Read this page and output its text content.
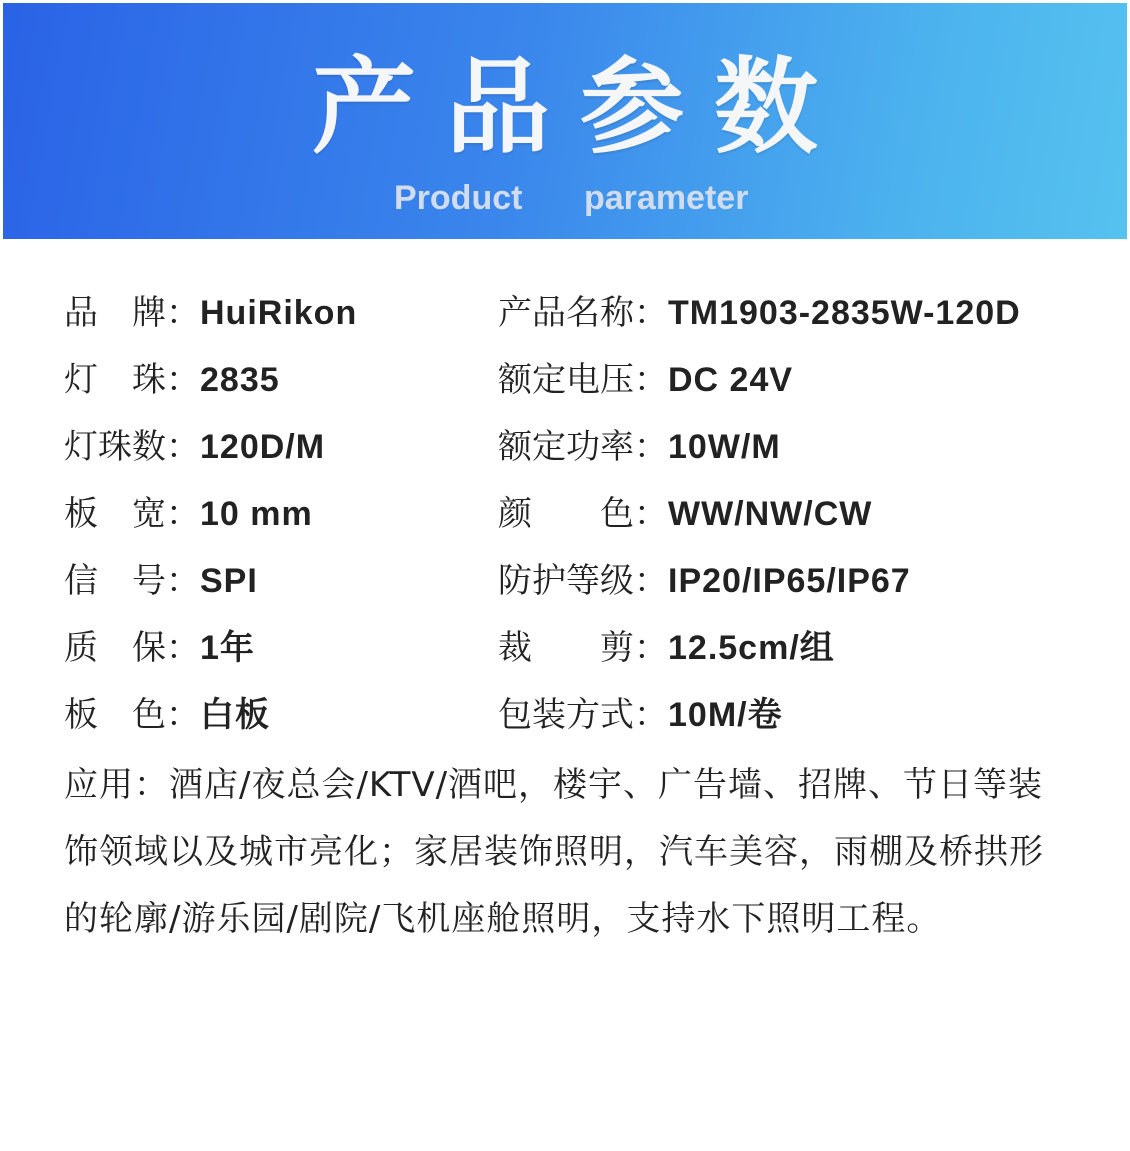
产品参数
Product parameter
品　牌：HuiRikon	产品名称：TM1903-2835W-120D
灯　珠：2835	额定电压：DC 24V
灯珠数：120D/M	额定功率：10W/M
板　宽：10 mm	颜　　色：WW/NW/CW
信　号：SPI	防护等级：IP20/IP65/IP67
质　保：1年	裁　　剪：12.5cm/组
板　色：白板	包装方式：10M/卷
应用：酒店/夜总会/KTV/酒吧，楼宇、广告墙、招牌、节日等装饰领域以及城市亮化；家居装饰照明，汽车美容，雨棚及桥拱形的轮廓/游乐园/剧院/飞机座舱照明，支持水下照明工程。
